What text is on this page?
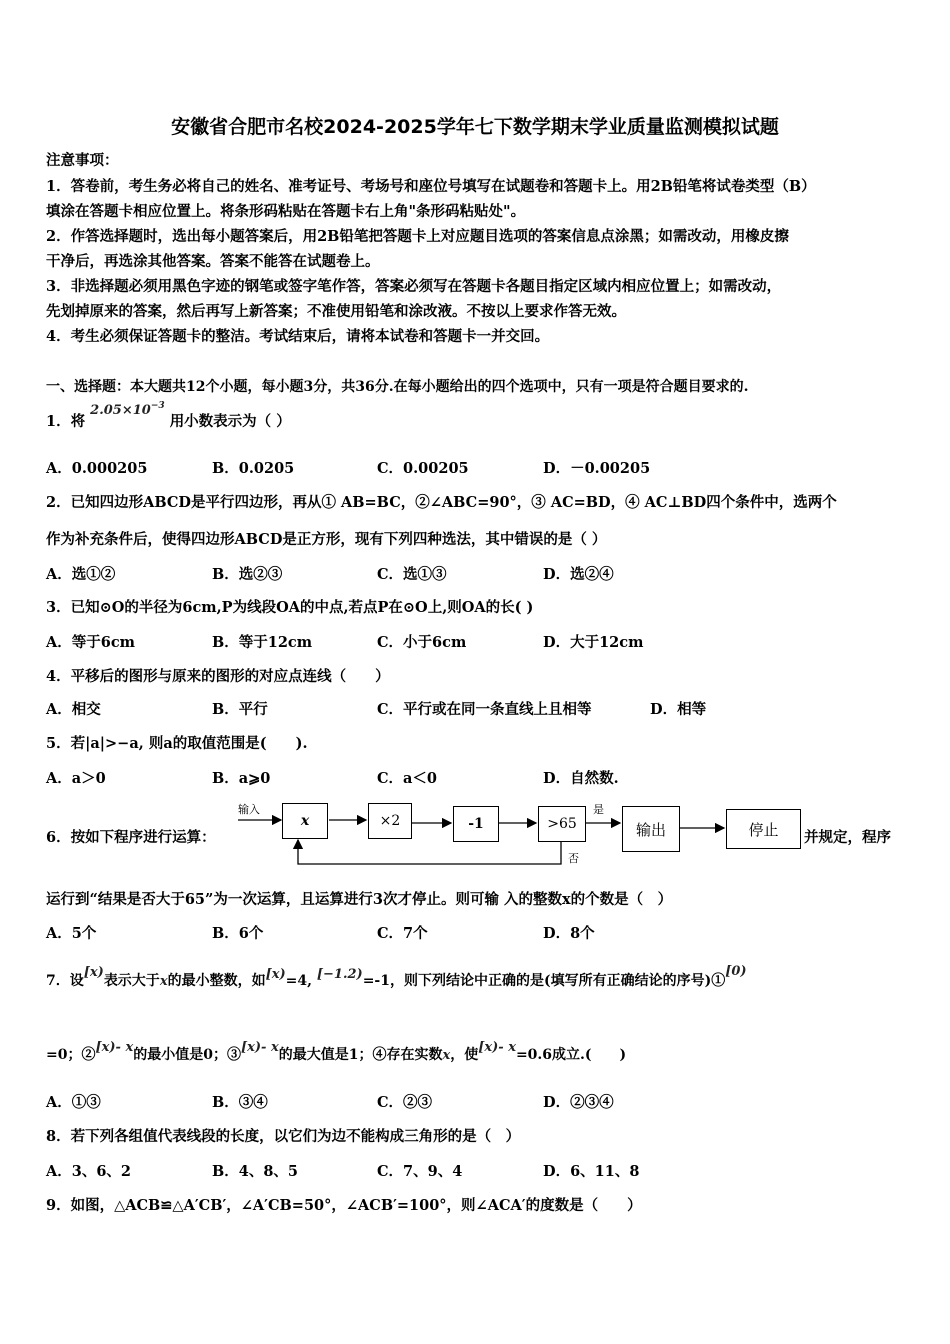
安徽省合肥市名校2024-2025学年七下数学期末学业质量监测模拟试题
注意事项：
1．答卷前，考生务必将自己的姓名、准考证号、考场号和座位号填写在试题卷和答题卡上。用2B铅笔将试卷类型（B）
填涂在答题卡相应位置上。将条形码粘贴在答题卡右上角"条形码粘贴处"。
2．作答选择题时，选出每小题答案后，用2B铅笔把答题卡上对应题目选项的答案信息点涂黑；如需改动，用橡皮擦
干净后，再选涂其他答案。答案不能答在试题卷上。
3．非选择题必须用黑色字迹的钢笔或签字笔作答，答案必须写在答题卡各题目指定区域内相应位置上；如需改动，
先划掉原来的答案，然后再写上新答案；不准使用铅笔和涂改液。不按以上要求作答无效。
4．考生必须保证答题卡的整洁。考试结束后，请将本试卷和答题卡一并交回。
一、选择题：本大题共12个小题，每小题3分，共36分.在每小题给出的四个选项中，只有一项是符合题目要求的.
1．将 $2.05\times 10^{-3}$ 用小数表示为（ ）
A．0.000205	B．0.0205	C．0.00205	D．－0.00205
2．已知四边形ABCD是平行四边形，再从① AB=BC，②∠ABC=90°，③ AC=BD，④ AC⊥BD四个条件中，选两个
作为补充条件后，使得四边形ABCD是正方形，现有下列四种选法，其中错误的是（ ）
A．选①②	B．选②③	C．选①③	D．选②④
3．已知⊙O的半径为6cm,P为线段OA的中点,若点P在⊙O上,则OA的长( )
A．等于6cm	B．等于12cm	C．小于6cm	D．大于12cm
4．平移后的图形与原来的图形的对应点连线（　　）
A．相交	B．平行	C．平行或在同一条直线上且相等	D．相等
5．若|a|>−a, 则a的取值范围是(　　).
A．a＞0	B．a⩾0	C．a＜0	D．自然数.
6．按如下程序进行运算：
输入
x	×2	-1	>65
是
否
输出	停止	并规定，程序
运行到“结果是否大于65”为一次运算，且运算进行3次才停止。则可输 入的整数x的个数是（　）
A．5个	B．6个	C．7个	D．8个
7．设[x)表示大于x的最小整数，如[x)=4, [−1.2)=-1，则下列结论中正确的是(填写所有正确结论的序号)①[0)
=0；②[x)- x的最小值是0；③[x)- x的最大值是1；④存在实数x，使[x)- x=0.6成立.(　　)
A．①③	B．③④	C．②③	D．②③④
8．若下列各组值代表线段的长度，以它们为边不能构成三角形的是（　）
A．3、6、2	B．4、8、5	C．7、9、4	D．6、11、8
9．如图，△ACB≌△A′CB′，∠A′CB=50°，∠ACB′=100°，则∠ACA′的度数是（　　）
